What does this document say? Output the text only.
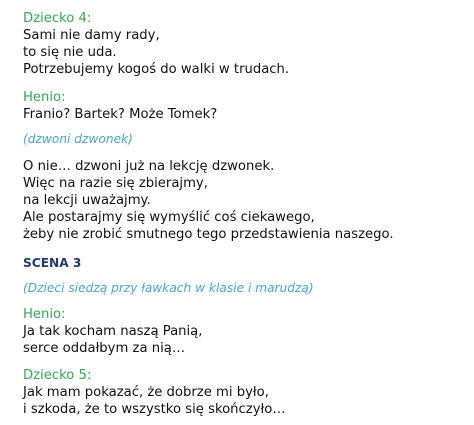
Dziecko 4:
Sami nie damy rady,
to się nie uda.
Potrzebujemy kogoś do walki w trudach.
Henio:
Franio? Bartek? Może Tomek?
(dzwoni dzwonek)
O nie… dzwoni już na lekcję dzwonek.
Więc na razie się zbierajmy,
na lekcji uważajmy.
Ale postarajmy się wymyślić coś ciekawego,
żeby nie zrobić smutnego tego przedstawienia naszego.
SCENA 3
(Dzieci siedzą przy ławkach w klasie i marudzą)
Henio:
Ja tak kocham naszą Panią,
serce oddałbym za nią…
Dziecko 5:
Jak mam pokazać, że dobrze mi było,
i szkoda, że to wszystko się skończyło…
